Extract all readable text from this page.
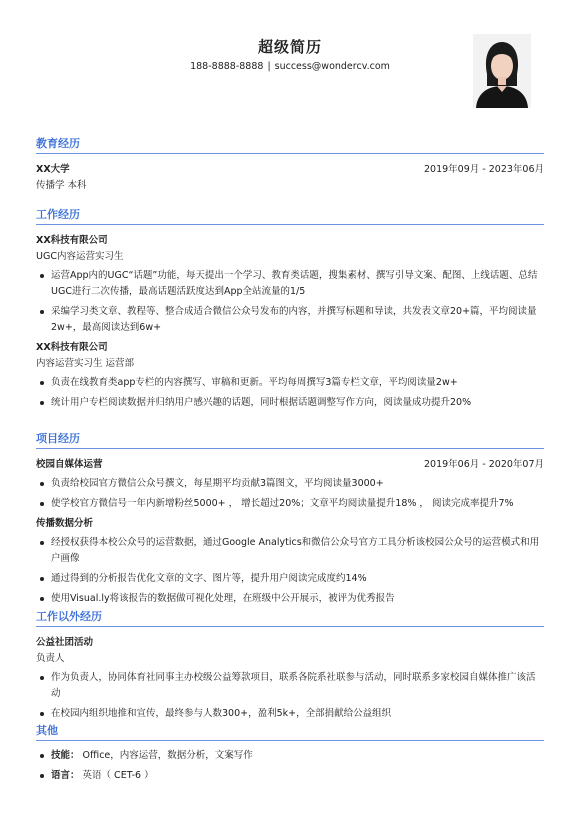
超级简历
188-8888-8888 | success@wondercv.com
教育经历
XX大学	2019年09月 - 2023年06月
传播学 本科
工作经历
XX科技有限公司
UGC内容运营实习生
运营App内的UGC“话题”功能，每天提出一个学习、教育类话题，搜集素材、撰写引导文案、配图、上线话题、总结UGC进行二次传播，最高话题活跃度达到App全站流量的1/5
采编学习类文章、教程等、整合成适合微信公众号发布的内容，并撰写标题和导读，共发表文章20+篇，平均阅读量2w+，最高阅读达到6w+
XX科技有限公司
内容运营实习生 运营部
负责在线教育类app专栏的内容撰写、审稿和更新。平均每周撰写3篇专栏文章，平均阅读量2w+
统计用户专栏阅读数据并归纳用户感兴趣的话题，同时根据话题调整写作方向，阅读量成功提升20%
项目经历
校园自媒体运营	2019年06月 - 2020年07月
负责给校园官方微信公众号撰文，每星期平均贡献3篇图文，平均阅读量3000+
使学校官方微信号一年内新增粉丝5000+ ， 增长超过20%；文章平均阅读量提升18% ， 阅读完成率提升7%
传播数据分析
经授权获得本校公众号的运营数据，通过Google Analytics和微信公众号官方工具分析该校园公众号的运营模式和用户画像
通过得到的分析报告优化文章的文字、图片等，提升用户阅读完成度约14%
使用Visual.ly将该报告的数据做可视化处理，在班级中公开展示，被评为优秀报告
工作以外经历
公益社团活动
负责人
作为负责人，协同体育社同事主办校级公益筹款项目，联系各院系社联参与活动，同时联系多家校园自媒体推广该活动
在校园内组织地推和宣传，最终参与人数300+，盈利5k+，全部捐献给公益组织
其他
技能： Office，内容运营，数据分析，文案写作
语言： 英语（ CET-6 ）
